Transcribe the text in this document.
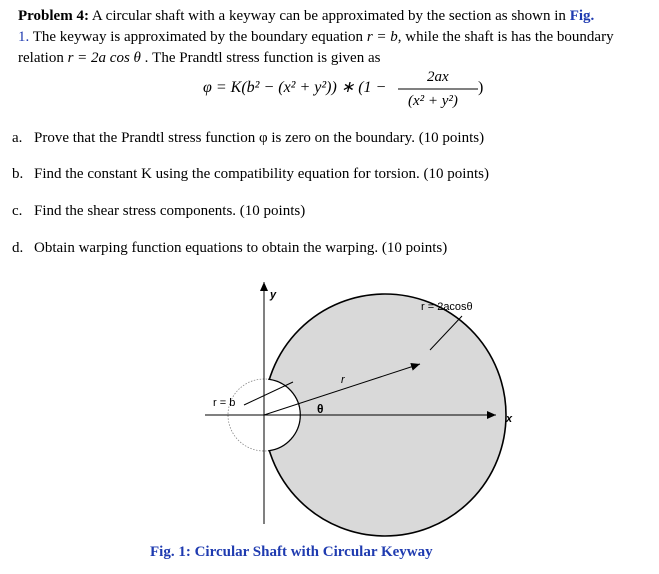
Problem 4: A circular shaft with a keyway can be approximated by the section as shown in Fig.
1. The keyway is approximated by the boundary equation r = b, while the shaft is has the boundary relation r = 2a cos θ . The Prandtl stress function is given as
φ = K(b² − (x² + y²)) ∗ (1 −
2ax
(x² + y²)
)
a. Prove that the Prandtl stress function φ is zero on the boundary. (10 points)
b. Find the constant K using the compatibility equation for torsion. (10 points)
c. Find the shear stress components. (10 points)
d. Obtain warping function equations to obtain the warping. (10 points)
y
x
r = 2acosθ
r = b
r
θ
Fig. 1: Circular Shaft with Circular Keyway
